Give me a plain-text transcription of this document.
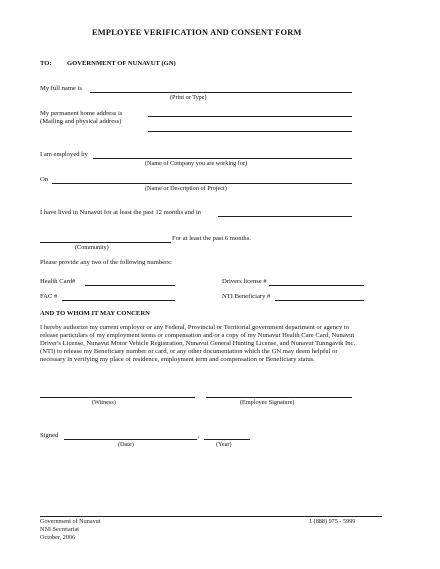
EMPLOYEE VERIFICATION AND CONSENT FORM
TO: GOVERNMENT OF NUNAVUT (GN)
My full name is
(Print or Type)
My permanent home address is
(Mailing and physical address)
I am employed by
(Name of Company you are working for)
On
(Name or Description of Project)
I have lived in Nunavut for at least the past 12 months and in
For at least the past 6 months.
(Community)
Please provide any two of the following numbers:
Health Card#	Drivers license #
FAC #	NTI Beneficiary #
AND TO WHOM IT MAY CONCERN
I hereby authorize my current employer or any Federal, Provincial or Territorial government department or agency to
release particulars of my employment terms or compensation and/or a copy of my Nunavut Health Care Card, Nunavut
Driver's License, Nunavut Motor Vehicle Registration, Nunavut General Hunting License, and Nunavut Tunngavik Inc.
(NTI) to release my Beneficiary number or card, or any other documentation which the GN may deem helpful or
necessary in verifying my place of residence, employment term and compensation or Beneficiary status.
(Witness)	(Employee Signature)
Signed	,
(Date)	(Year)
Government of Nunavut
NNI Secretariat
October, 2006
1 (888) 975 - 5999
